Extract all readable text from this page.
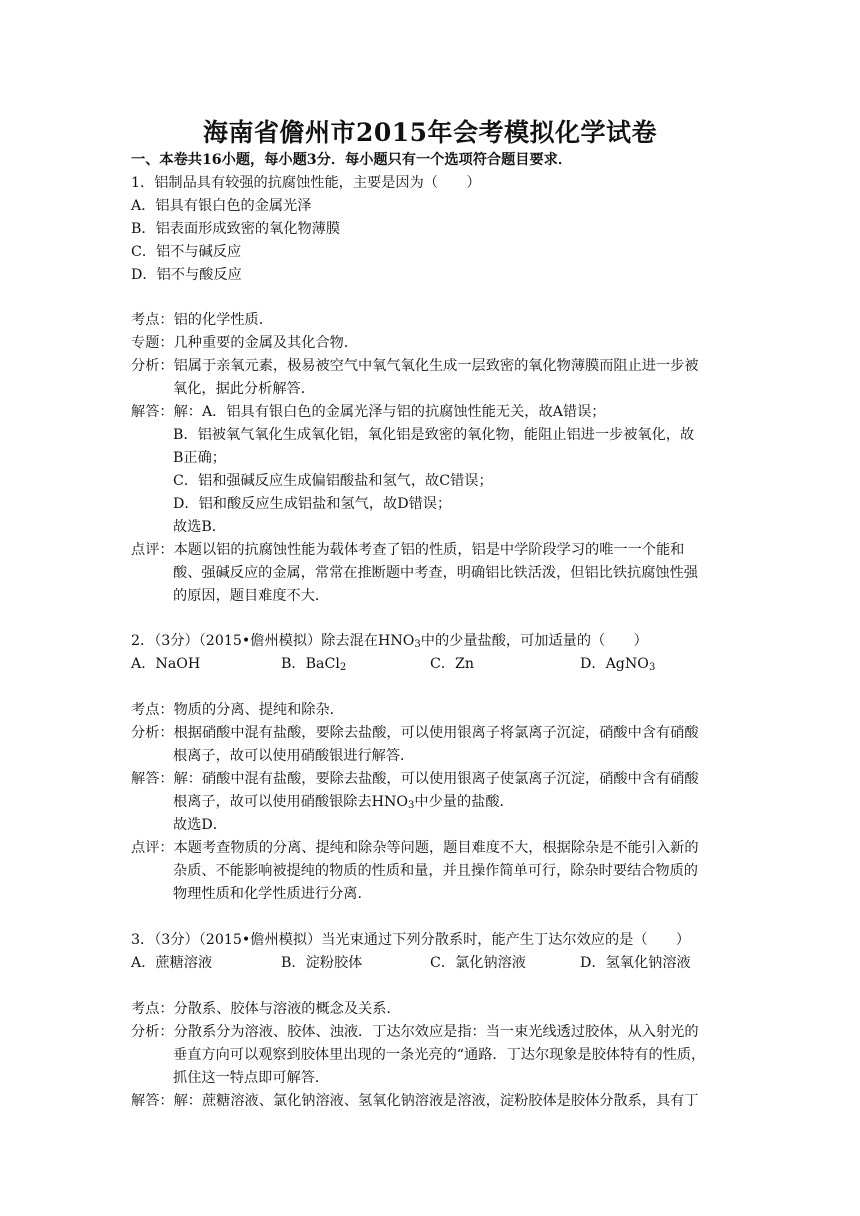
海南省儋州市2015年会考模拟化学试卷
一、本卷共16小题，每小题3分．每小题只有一个选项符合题目要求．
1．铝制品具有较强的抗腐蚀性能，主要是因为（　　）
A．铝具有银白色的金属光泽
B．铝表面形成致密的氧化物薄膜
C．铝不与碱反应
D．铝不与酸反应
考点：铝的化学性质．
专题：几种重要的金属及其化合物．
分析：铝属于亲氧元素，极易被空气中氧气氧化生成一层致密的氧化物薄膜而阻止进一步被
氧化，据此分析解答．
解答：解：A．铝具有银白色的金属光泽与铝的抗腐蚀性能无关，故A错误；
B．铝被氧气氧化生成氧化铝，氧化铝是致密的氧化物，能阻止铝进一步被氧化，故
B正确；
C．铝和强碱反应生成偏铝酸盐和氢气，故C错误；
D．铝和酸反应生成铝盐和氢气，故D错误；
故选B．
点评：本题以铝的抗腐蚀性能为载体考查了铝的性质，铝是中学阶段学习的唯一一个能和
酸、强碱反应的金属，常常在推断题中考查，明确铝比铁活泼，但铝比铁抗腐蚀性强
的原因，题目难度不大．
2．（3分）（2015•儋州模拟）除去混在$HNO_3$中的少量盐酸，可加适量的（　　）
A．NaOH	B．BaCl$_2$	C．Zn	D．AgNO$_3$
考点：物质的分离、提纯和除杂．
分析：根据硝酸中混有盐酸，要除去盐酸，可以使用银离子将氯离子沉淀，硝酸中含有硝酸
根离子，故可以使用硝酸银进行解答．
解答：解：硝酸中混有盐酸，要除去盐酸，可以使用银离子使氯离子沉淀，硝酸中含有硝酸
根离子，故可以使用硝酸银除去$HNO_3$中少量的盐酸．
故选D．
点评：本题考查物质的分离、提纯和除杂等问题，题目难度不大，根据除杂是不能引入新的
杂质、不能影响被提纯的物质的性质和量，并且操作简单可行，除杂时要结合物质的
物理性质和化学性质进行分离．
3．（3分）（2015•儋州模拟）当光束通过下列分散系时，能产生丁达尔效应的是（　　）
A．蔗糖溶液	B．淀粉胶体	C．氯化钠溶液	D．氢氧化钠溶液
考点：分散系、胶体与溶液的概念及关系．
分析：分散系分为溶液、胶体、浊液．丁达尔效应是指：当一束光线透过胶体，从入射光的
垂直方向可以观察到胶体里出现的一条光亮的“通路．丁达尔现象是胶体特有的性质，
抓住这一特点即可解答．
解答：解：蔗糖溶液、氯化钠溶液、氢氧化钠溶液是溶液，淀粉胶体是胶体分散系，具有丁
